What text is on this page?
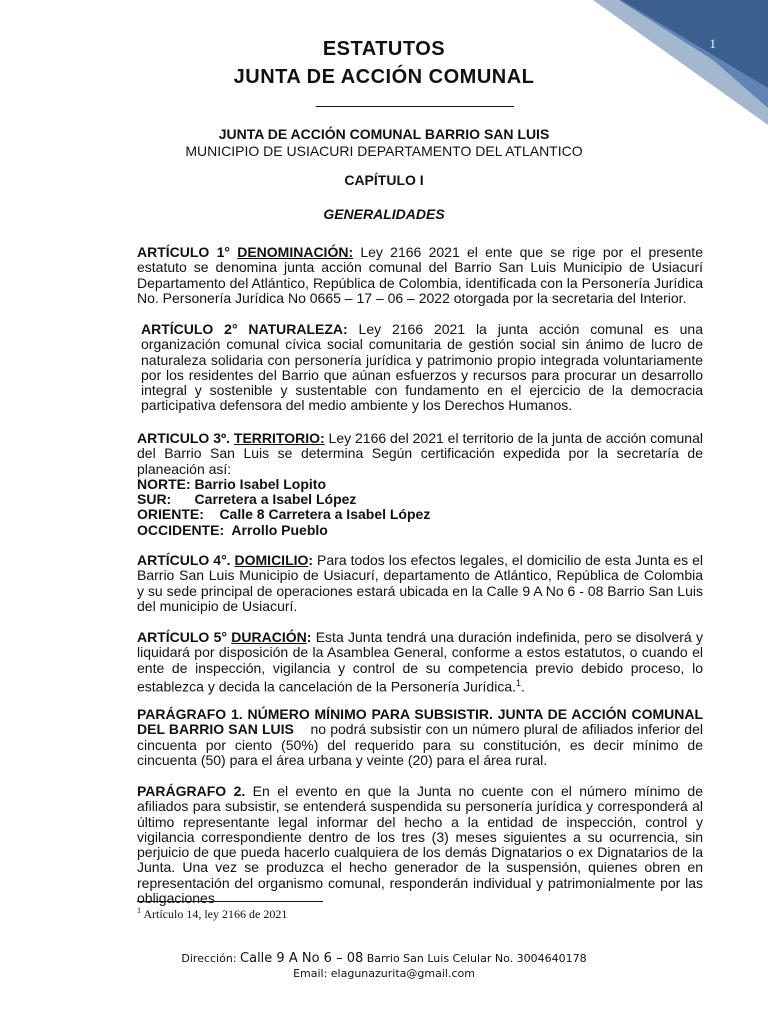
1
ESTATUTOS
JUNTA DE ACCIÓN COMUNAL
JUNTA DE ACCIÓN COMUNAL BARRIO SAN LUIS
MUNICIPIO DE USIACURI DEPARTAMENTO DEL ATLANTICO
CAPÍTULO I
GENERALIDADES

ARTÍCULO 1° DENOMINACIÓN: Ley 2166 2021 el ente que se rige por el presente estatuto se denomina junta acción comunal del Barrio San Luis Municipio de Usiacurí Departamento del Atlántico, República de Colombia, identificada con la Personería Jurídica No. Personería Jurídica No 0665 – 17 – 06 – 2022 otorgada por la secretaria del Interior.

ARTÍCULO 2° NATURALEZA: Ley 2166 2021 la junta acción comunal es una organización comunal cívica social comunitaria de gestión social sin ánimo de lucro de naturaleza solidaria con personería jurídica y patrimonio propio integrada voluntariamente por los residentes del Barrio que aúnan esfuerzos y recursos para procurar un desarrollo integral y sostenible y sustentable con fundamento en el ejercicio de la democracia participativa defensora del medio ambiente y los Derechos Humanos.

ARTICULO 3º. TERRITORIO: Ley 2166 del 2021 el territorio de la junta de acción comunal del Barrio San Luis se determina Según certificación expedida por la secretaría de planeación así:

NORTE: Barrio Isabel Lopito
SUR:      Carretera a Isabel López
ORIENTE:    Calle 8 Carretera a Isabel López
OCCIDENTE:  Arrollo Pueblo

ARTÍCULO 4°. DOMICILIO: Para todos los efectos legales, el domicilio de esta Junta es el Barrio San Luis Municipio de Usiacurí, departamento de Atlántico, República de Colombia y su sede principal de operaciones estará ubicada en la Calle 9 A No 6 - 08 Barrio San Luis del municipio de Usiacurí.

ARTÍCULO 5° DURACIÓN: Esta Junta tendrá una duración indefinida, pero se disolverá y liquidará por disposición de la Asamblea General, conforme a estos estatutos, o cuando el ente de inspección, vigilancia y control de su competencia previo debido proceso, lo establezca y decida la cancelación de la Personería Jurídica.$^1$.

PARÁGRAFO 1. NÚMERO MÍNIMO PARA SUBSISTIR. JUNTA DE ACCIÓN COMUNAL DEL BARRIO SAN LUIS    no podrá subsistir con un número plural de afiliados inferior del cincuenta por ciento (50%) del requerido para su constitución, es decir mínimo de cincuenta (50) para el área urbana y veinte (20) para el área rural.

PARÁGRAFO 2. En el evento en que la Junta no cuente con el número mínimo de afiliados para subsistir, se entenderá suspendida su personería jurídica y corresponderá al último representante legal informar del hecho a la entidad de inspección, control y vigilancia correspondiente dentro de los tres (3) meses siguientes a su ocurrencia, sin perjuicio de que pueda hacerlo cualquiera de los demás Dignatarios o ex Dignatarios de la Junta. Una vez se produzca el hecho generador de la suspensión, quienes obren en representación del organismo comunal, responderán individual y patrimonialmente por las obligaciones

$^1$ Artículo 14, ley 2166 de 2021
Dirección: Calle 9 A No 6 – 08 Barrio San Luis Celular No. 3004640178
Email: elagunazurita@gmail.com
